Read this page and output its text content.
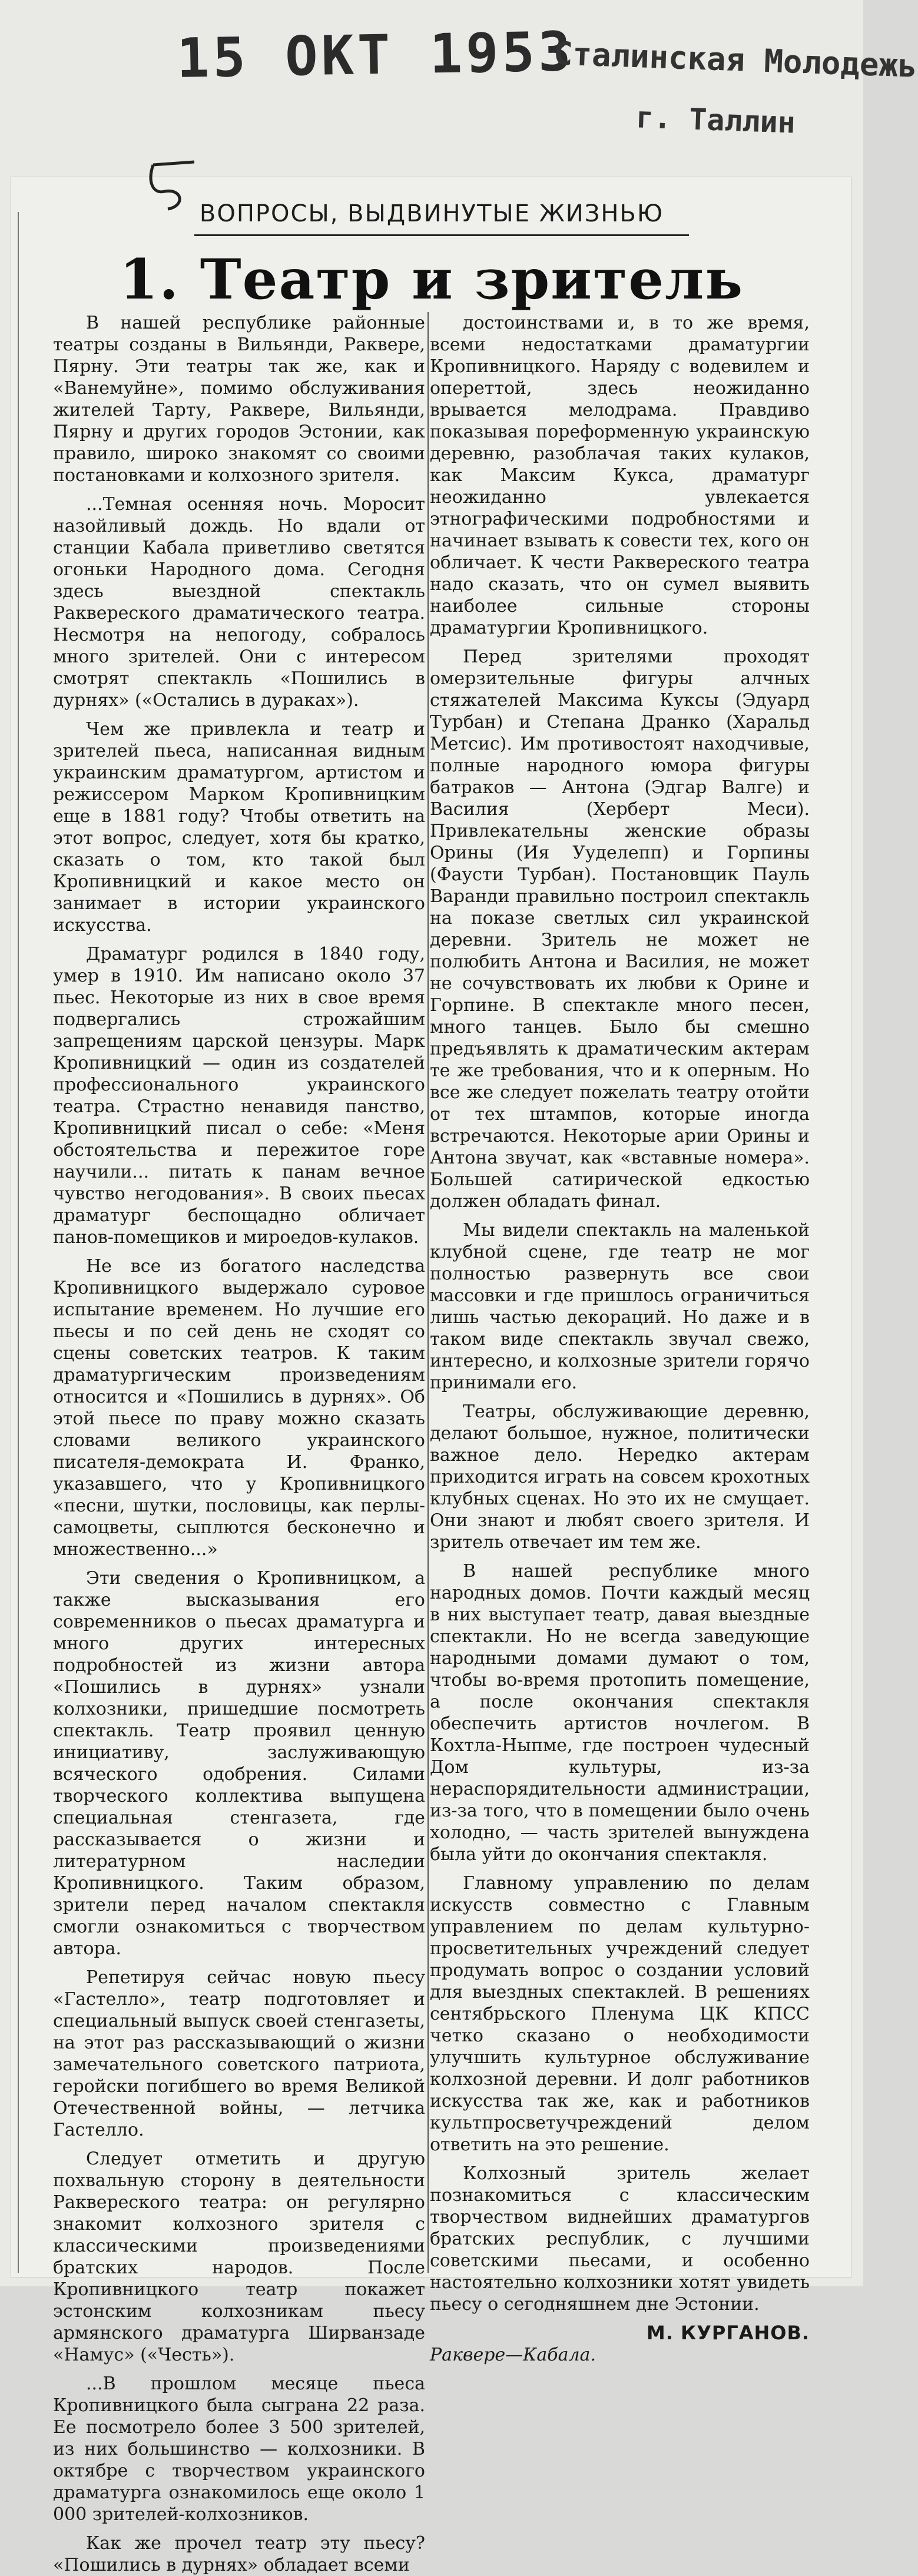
15 ОКТ 1953
Сталинская Молодежь
г. Таллин
ВОПРОСЫ, ВЫДВИНУТЫЕ ЖИЗНЬЮ
1. Театр и зритель

В нашей республике районные театры созданы в Вильянди, Раквере, Пярну. Эти театры так же, как и «Ванемуйне», помимо обслуживания жителей Тарту, Раквере, Вильянди, Пярну и других городов Эстонии, как правило, широко знакомят со своими постановками и колхозного зрителя.

...Темная осенняя ночь. Моросит назойливый дождь. Но вдали от станции Кабала приветливо светятся огоньки Народного дома. Сегодня здесь выездной спектакль Раквереского драматического театра. Несмотря на непогоду, собралось много зрителей. Они с интересом смотрят спектакль «Пошились в дурнях» («Остались в дураках»).

Чем же привлекла и театр и зрителей пьеса, написанная видным украинским драматургом, артистом и режиссером Марком Кропивницким еще в 1881 году? Чтобы ответить на этот вопрос, следует, хотя бы кратко, сказать о том, кто такой был Кропивницкий и какое место он занимает в истории украинского искусства.

Драматург родился в 1840 году, умер в 1910. Им написано около 37 пьес. Некоторые из них в свое время подвергались строжайшим запрещениям царской цензуры. Марк Кропивницкий — один из создателей профессионального украинского театра. Страстно ненавидя панство, Кропивницкий писал о себе: «Меня обстоятельства и пережитое горе научили... питать к панам вечное чувство негодования». В своих пьесах драматург беспощадно обличает панов-помещиков и мироедов-кулаков.

Не все из богатого наследства Кропивницкого выдержало суровое испытание временем. Но лучшие его пьесы и по сей день не сходят со сцены советских театров. К таким драматургическим произведениям относится и «Пошились в дурнях». Об этой пьесе по праву можно сказать словами великого украинского писателя-демократа И. Франко, указавшего, что у Кропивницкого «песни, шутки, пословицы, как перлы-самоцветы, сыплются бесконечно и множественно...»

Эти сведения о Кропивницком, а также высказывания его современников о пьесах драматурга и много других интересных подробностей из жизни автора «Пошились в дурнях» узнали колхозники, пришедшие посмотреть спектакль. Театр проявил ценную инициативу, заслуживающую всяческого одобрения. Силами творческого коллектива выпущена специальная стенгазета, где рассказывается о жизни и литературном наследии Кропивницкого. Таким образом, зрители перед началом спектакля смогли ознакомиться с творчеством автора.

Репетируя сейчас новую пьесу «Гастелло», театр подготовляет и специальный выпуск своей стенгазеты, на этот раз рассказывающий о жизни замечательного советского патриота, геройски погибшего во время Великой Отечественной войны, — летчика Гастелло.

Следует отметить и другую похвальную сторону в деятельности Раквереского театра: он регулярно знакомит колхозного зрителя с классическими произведениями братских народов. После Кропивницкого театр покажет эстонским колхозникам пьесу армянского драматурга Ширванзаде «Намус» («Честь»).

...В прошлом месяце пьеса Кропивницкого была сыграна 22 раза. Ее посмотрело более 3 500 зрителей, из них большинство — колхозники. В октябре с творчеством украинского драматурга ознакомилось еще около 1 000 зрителей-колхозников.

Как же прочел театр эту пьесу? «Пошились в дурнях» обладает всеми

достоинствами и, в то же время, всеми недостатками драматургии Кропивницкого. Наряду с водевилем и опереттой, здесь неожиданно врывается мелодрама. Правдиво показывая пореформенную украинскую деревню, разоблачая таких кулаков, как Максим Кукса, драматург неожиданно увлекается этнографическими подробностями и начинает взывать к совести тех, кого он обличает. К чести Раквереского театра надо сказать, что он сумел выявить наиболее сильные стороны драматургии Кропивницкого.

Перед зрителями проходят омерзительные фигуры алчных стяжателей Максима Куксы (Эдуард Турбан) и Степана Дранко (Харальд Метсис). Им противостоят находчивые, полные народного юмора фигуры батраков — Антона (Эдгар Валге) и Василия (Херберт Меси). Привлекательны женские образы Орины (Ия Ууделепп) и Горпины (Фаусти Турбан). Постановщик Пауль Варанди правильно построил спектакль на показе светлых сил украинской деревни. Зритель не может не полюбить Антона и Василия, не может не сочувствовать их любви к Орине и Горпине. В спектакле много песен, много танцев. Было бы смешно предъявлять к драматическим актерам те же требования, что и к оперным. Но все же следует пожелать театру отойти от тех штампов, которые иногда встречаются. Некоторые арии Орины и Антона звучат, как «вставные номера». Большей сатирической едкостью должен обладать финал.

Мы видели спектакль на маленькой клубной сцене, где театр не мог полностью развернуть все свои массовки и где пришлось ограничиться лишь частью декораций. Но даже и в таком виде спектакль звучал свежо, интересно, и колхозные зрители горячо принимали его.

Театры, обслуживающие деревню, делают большое, нужное, политически важное дело. Нередко актерам приходится играть на совсем крохотных клубных сценах. Но это их не смущает. Они знают и любят своего зрителя. И зритель отвечает им тем же.

В нашей республике много народных домов. Почти каждый месяц в них выступает театр, давая выездные спектакли. Но не всегда заведующие народными домами думают о том, чтобы во-время протопить помещение, а после окончания спектакля обеспечить артистов ночлегом. В Кохтла-Ныпме, где построен чудесный Дом культуры, из-за нераспорядительности администрации, из-за того, что в помещении было очень холодно, — часть зрителей вынуждена была уйти до окончания спектакля.

Главному управлению по делам искусств совместно с Главным управлением по делам культурно-просветительных учреждений следует продумать вопрос о создании условий для выездных спектаклей. В решениях сентябрьского Пленума ЦК КПСС четко сказано о необходимости улучшить культурное обслуживание колхозной деревни. И долг работников искусства так же, как и работников культпросветучреждений делом ответить на это решение.

Колхозный зритель желает познакомиться с классическим творчеством виднейших драматургов братских республик, с лучшими советскими пьесами, и особенно настоятельно колхозники хотят увидеть пьесу о сегодняшнем дне Эстонии.

М. КУРГАНОВ.

Раквере—Кабала.
